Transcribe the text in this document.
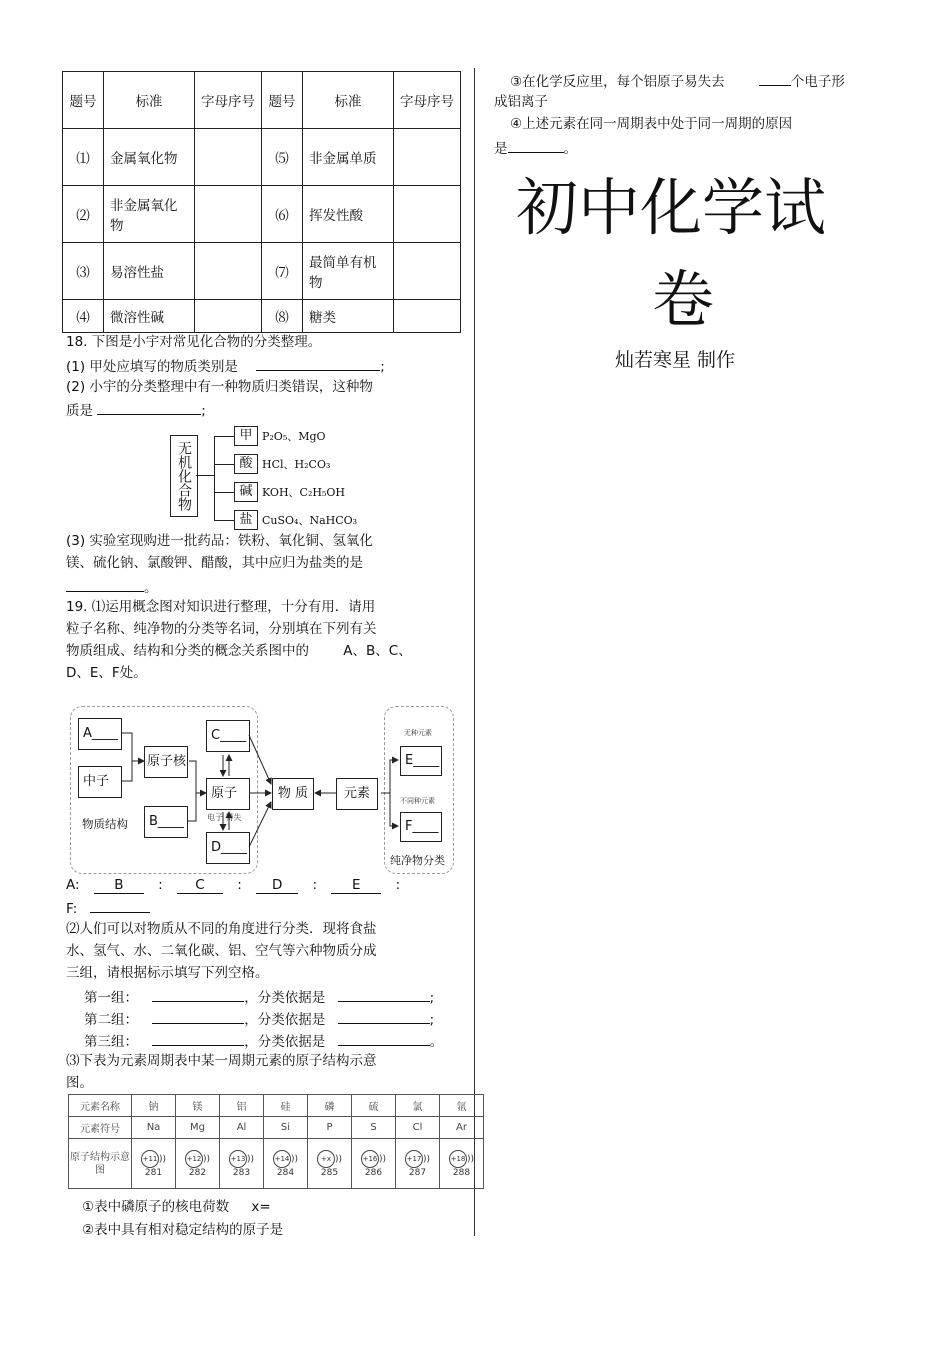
题号	标准	字母序号	题号	标准	字母序号
⑴	金属氧化物		⑸	非金属单质	
⑵	非金属氧化物		⑹	挥发性酸	
⑶	易溶性盐		⑺	最简单有机物	
⑷	微溶性碱		⑻	糖类	
18. 下图是小宇对常见化合物的分类整理。
(1) 甲处应填写的物质类别是	;
(2) 小宇的分类整理中有一种物质归类错误，这种物
质是	;
无机化合物
甲 P₂O₅、MgO
酸 HCl、H₂CO₃
碱 KOH、C₂H₅OH
盐 CuSO₄、NaHCO₃
(3) 实验室现购进一批药品：铁粉、氧化铜、氢氧化
镁、硫化钠、氯酸钾、醋酸，其中应归为盐类的是
。
19. ⑴运用概念图对知识进行整理，十分有用．请用
粒子名称、纯净物的分类等名词，分别填在下列有关
物质组成、结构和分类的概念关系图中的	A、B、C、
D、E、F处。
A____
中子
原子核
B____
C____
原子
D____
电子 得失
物质结构
物 质	元素
无种元素
E____
不同种元素
F____
纯净物分类
A:	B	: C : D :	E	:
F:
⑵人们可以对物质从不同的角度进行分类．现将食盐
水、氢气、水、二氧化碳、铝、空气等六种物质分成
三组，请根据标示填写下列空格。
第一组：	，分类依据是	;
第二组：	，分类依据是	;
第三组：	，分类依据是	。
⑶下表为元素周期表中某一周期元素的原子结构示意
图。
元素名称	钠	镁	铝	硅	磷	硫	氯	氩
元素符号	Na	Mg	Al	Si	P	S	Cl	Ar
原子结构示意图	+11 )) 281	+12 )) 282	+13 )) 283	+14 )) 284	+x )) 285	+16 )) 286	+17 )) 287	+18 )) 288
①表中磷原子的核电荷数 x=
②表中具有相对稳定结构的原子是
③在化学反应里，每个铝原子易失去	个电子形
成铝离子
④上述元素在同一周期表中处于同一周期的原因
是	。
初中化学试
卷
灿若寒星 制作
